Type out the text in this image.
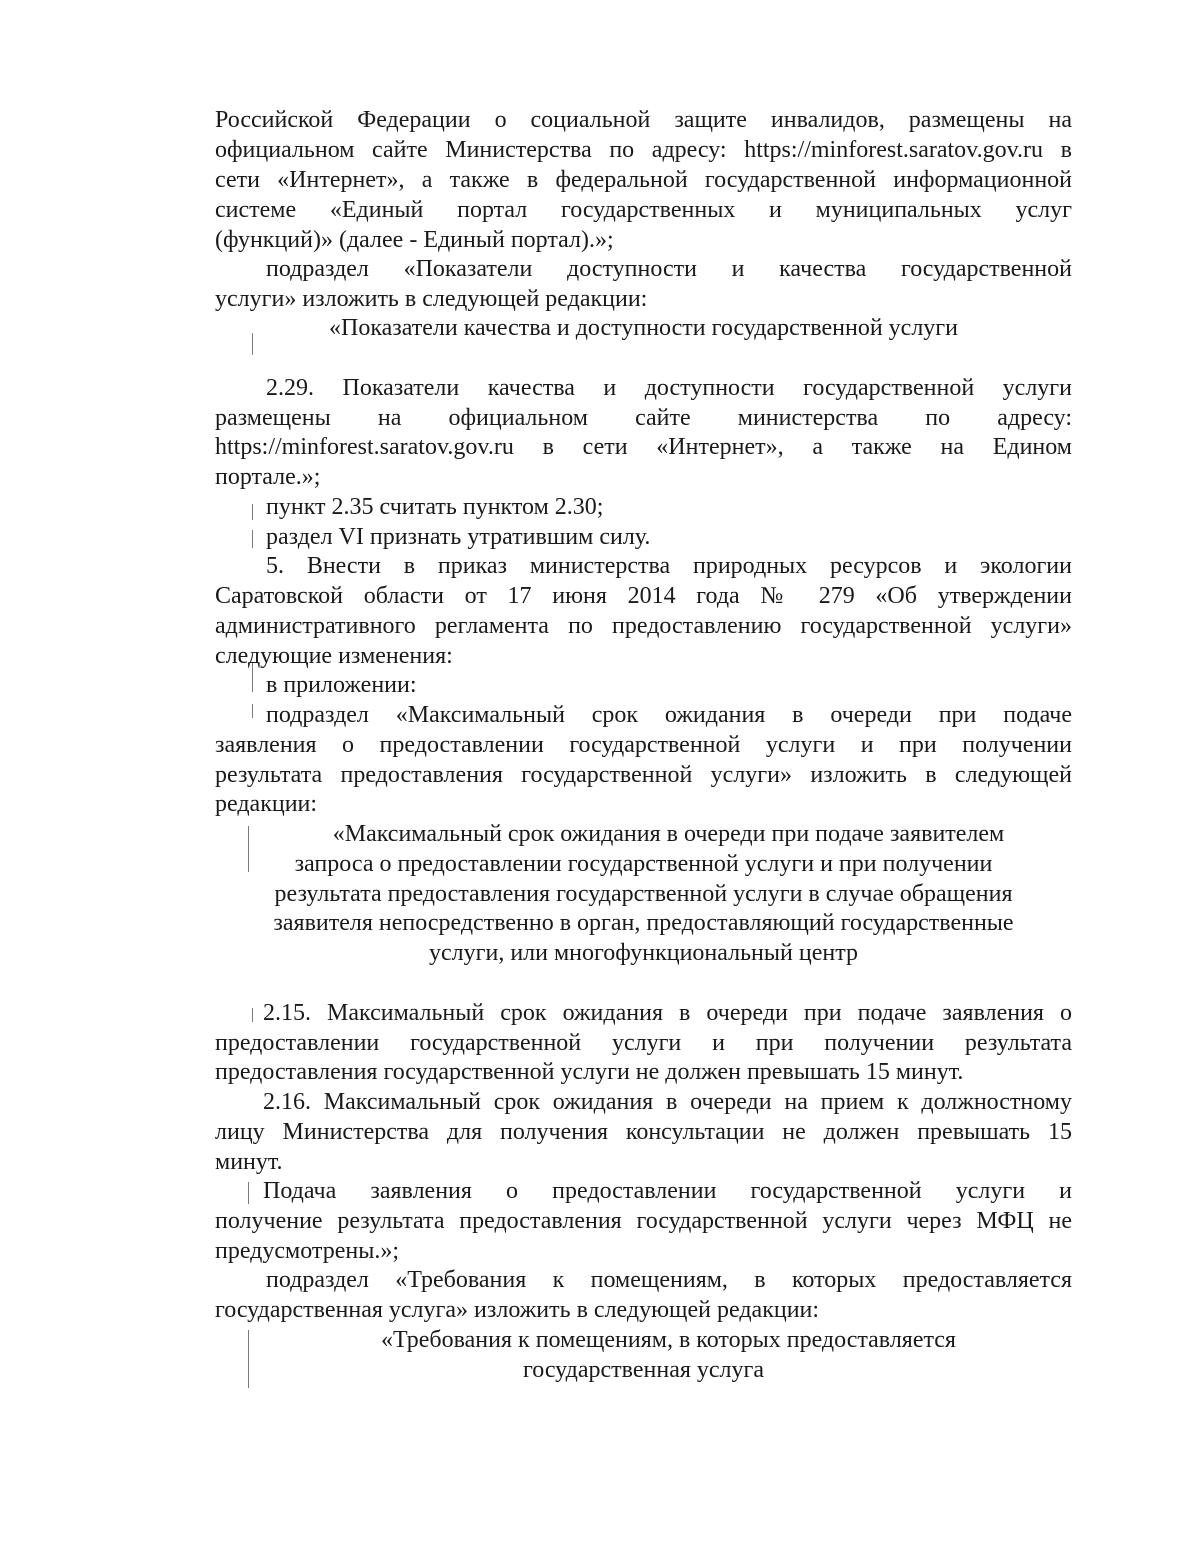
Российской Федерации о социальной защите инвалидов, размещены на
официальном сайте Министерства по адресу: https://minforest.saratov.gov.ru в
сети «Интернет», а также в федеральной государственной информационной
системе «Единый портал государственных и муниципальных услуг
(функций)» (далее - Единый портал).»;
подраздел «Показатели доступности и качества государственной
услуги» изложить в следующей редакции:
«Показатели качества и доступности государственной услуги
2.29. Показатели качества и доступности государственной услуги
размещены на официальном сайте министерства по адресу:
https://minforest.saratov.gov.ru в сети «Интернет», а также на Едином
портале.»;
пункт 2.35 считать пунктом 2.30;
раздел VI признать утратившим силу.
5. Внести в приказ министерства природных ресурсов и экологии
Саратовской области от 17 июня 2014 года № 279 «Об утверждении
административного регламента по предоставлению государственной услуги»
следующие изменения:
в приложении:
подраздел «Максимальный срок ожидания в очереди при подаче
заявления о предоставлении государственной услуги и при получении
результата предоставления государственной услуги» изложить в следующей
редакции:
«Максимальный срок ожидания в очереди при подаче заявителем
запроса о предоставлении государственной услуги и при получении
результата предоставления государственной услуги в случае обращения
заявителя непосредственно в орган, предоставляющий государственные
услуги, или многофункциональный центр
2.15. Максимальный срок ожидания в очереди при подаче заявления о
предоставлении государственной услуги и при получении результата
предоставления государственной услуги не должен превышать 15 минут.
2.16. Максимальный срок ожидания в очереди на прием к должностному
лицу Министерства для получения консультации не должен превышать 15
минут.
Подача заявления о предоставлении государственной услуги и
получение результата предоставления государственной услуги через МФЦ не
предусмотрены.»;
подраздел «Требования к помещениям, в которых предоставляется
государственная услуга» изложить в следующей редакции:
«Требования к помещениям, в которых предоставляется
государственная услуга
